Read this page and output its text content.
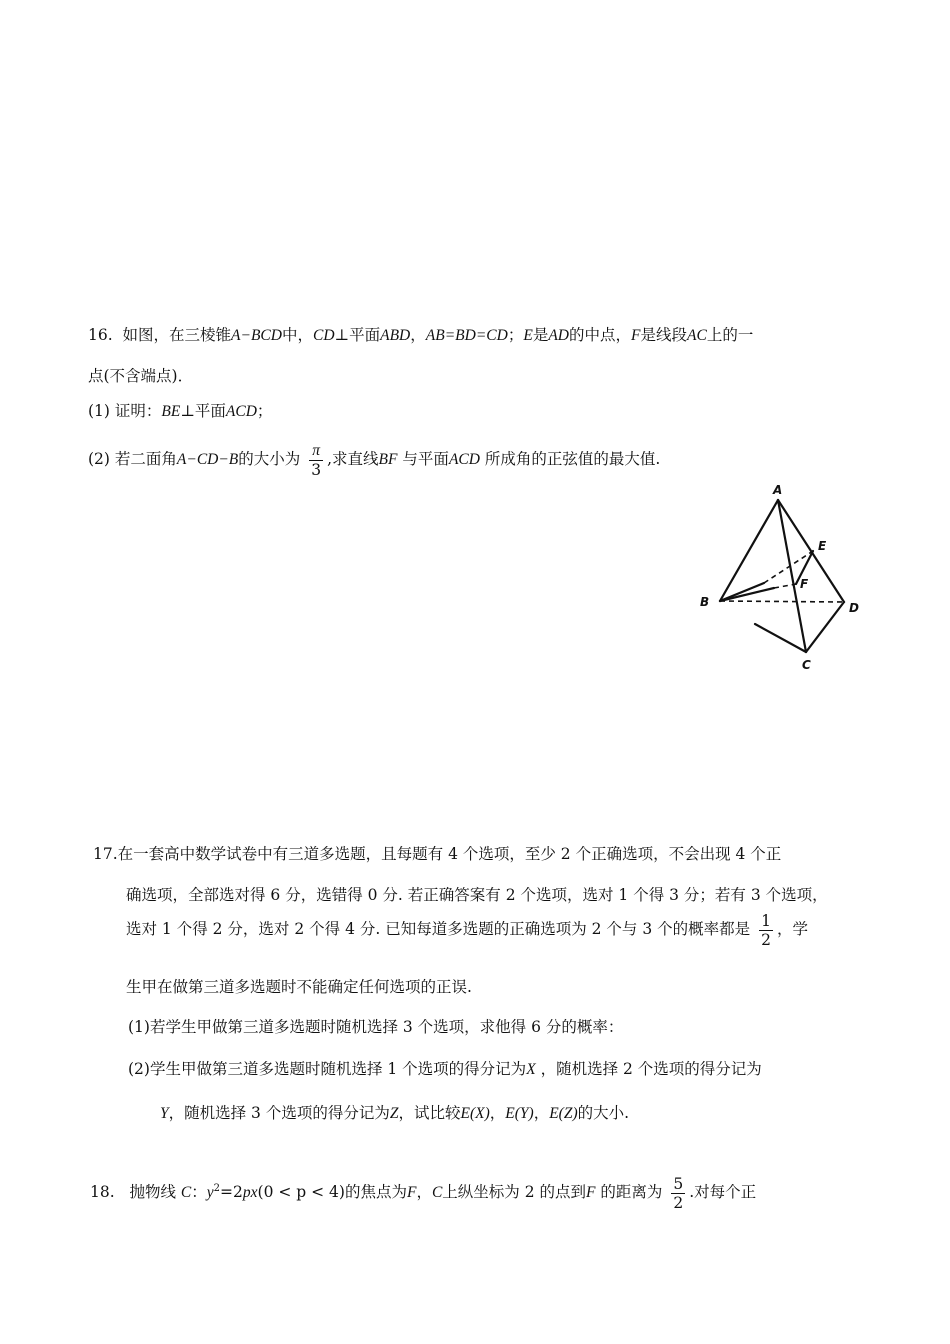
16. 如图，在三棱锥A−BCD中，CD⊥平面ABD，AB=BD=CD；E是AD的中点，F是线段AC上的一
点(不含端点)．
(1) 证明：BE⊥平面ACD；
(2) 若二面角A−CD−B的大小为 $\frac{\pi}{3}$ ,求直线BF 与平面ACD 所成角的正弦值的最大值.
A
B
C
D
E
F
17.在一套高中数学试卷中有三道多选题，且每题有 4 个选项，至少 2 个正确选项，不会出现 4 个正
确选项，全部选对得 6 分，选错得 0 分. 若正确答案有 2 个选项，选对 1 个得 3 分；若有 3 个选项，
选对 1 个得 2 分，选对 2 个得 4 分. 已知每道多选题的正确选项为 2 个与 3 个的概率都是 $\frac{1}{2}$ ，学
生甲在做第三道多选题时不能确定任何选项的正误.
(1)若学生甲做第三道多选题时随机选择 3 个选项，求他得 6 分的概率：
(2)学生甲做第三道多选题时随机选择 1 个选项的得分记为X ，随机选择 2 个选项的得分记为
Y，随机选择 3 个选项的得分记为Z，试比较E(X)，E(Y)，E(Z)的大小.
18. 抛物线 C：$y^2=2px(0 < p < 4)$的焦点为F，C上纵坐标为 2 的点到F 的距离为 $\frac{5}{2}$ .对每个正
